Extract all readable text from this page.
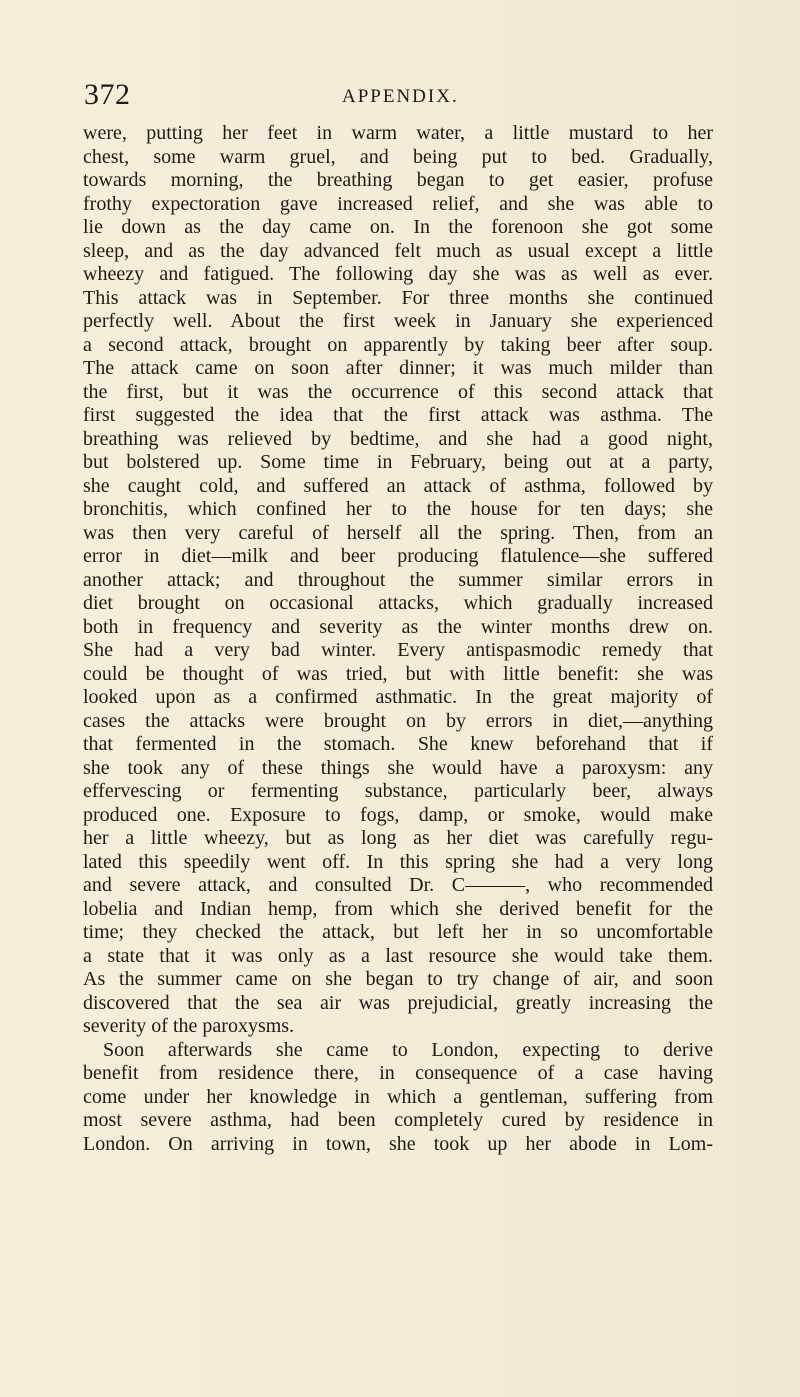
372	APPENDIX.
were, putting her feet in warm water, a little mustard to her
chest, some warm gruel, and being put to bed. Gradually,
towards morning, the breathing began to get easier, profuse
frothy expectoration gave increased relief, and she was able to
lie down as the day came on. In the forenoon she got some
sleep, and as the day advanced felt much as usual except a little
wheezy and fatigued. The following day she was as well as ever.
This attack was in September. For three months she continued
perfectly well. About the first week in January she experienced
a second attack, brought on apparently by taking beer after soup.
The attack came on soon after dinner; it was much milder than
the first, but it was the occurrence of this second attack that
first suggested the idea that the first attack was asthma. The
breathing was relieved by bedtime, and she had a good night,
but bolstered up. Some time in February, being out at a party,
she caught cold, and suffered an attack of asthma, followed by
bronchitis, which confined her to the house for ten days; she
was then very careful of herself all the spring. Then, from an
error in diet—milk and beer producing flatulence—she suffered
another attack; and throughout the summer similar errors in
diet brought on occasional attacks, which gradually increased
both in frequency and severity as the winter months drew on.
She had a very bad winter. Every antispasmodic remedy that
could be thought of was tried, but with little benefit: she was
looked upon as a confirmed asthmatic. In the great majority of
cases the attacks were brought on by errors in diet,—anything
that fermented in the stomach. She knew beforehand that if
she took any of these things she would have a paroxysm: any
effervescing or fermenting substance, particularly beer, always
produced one. Exposure to fogs, damp, or smoke, would make
her a little wheezy, but as long as her diet was carefully regu-
lated this speedily went off. In this spring she had a very long
and severe attack, and consulted Dr. C———, who recommended
lobelia and Indian hemp, from which she derived benefit for the
time; they checked the attack, but left her in so uncomfortable
a state that it was only as a last resource she would take them.
As the summer came on she began to try change of air, and soon
discovered that the sea air was prejudicial, greatly increasing the
severity of the paroxysms.
Soon afterwards she came to London, expecting to derive
benefit from residence there, in consequence of a case having
come under her knowledge in which a gentleman, suffering from
most severe asthma, had been completely cured by residence in
London. On arriving in town, she took up her abode in Lom-
